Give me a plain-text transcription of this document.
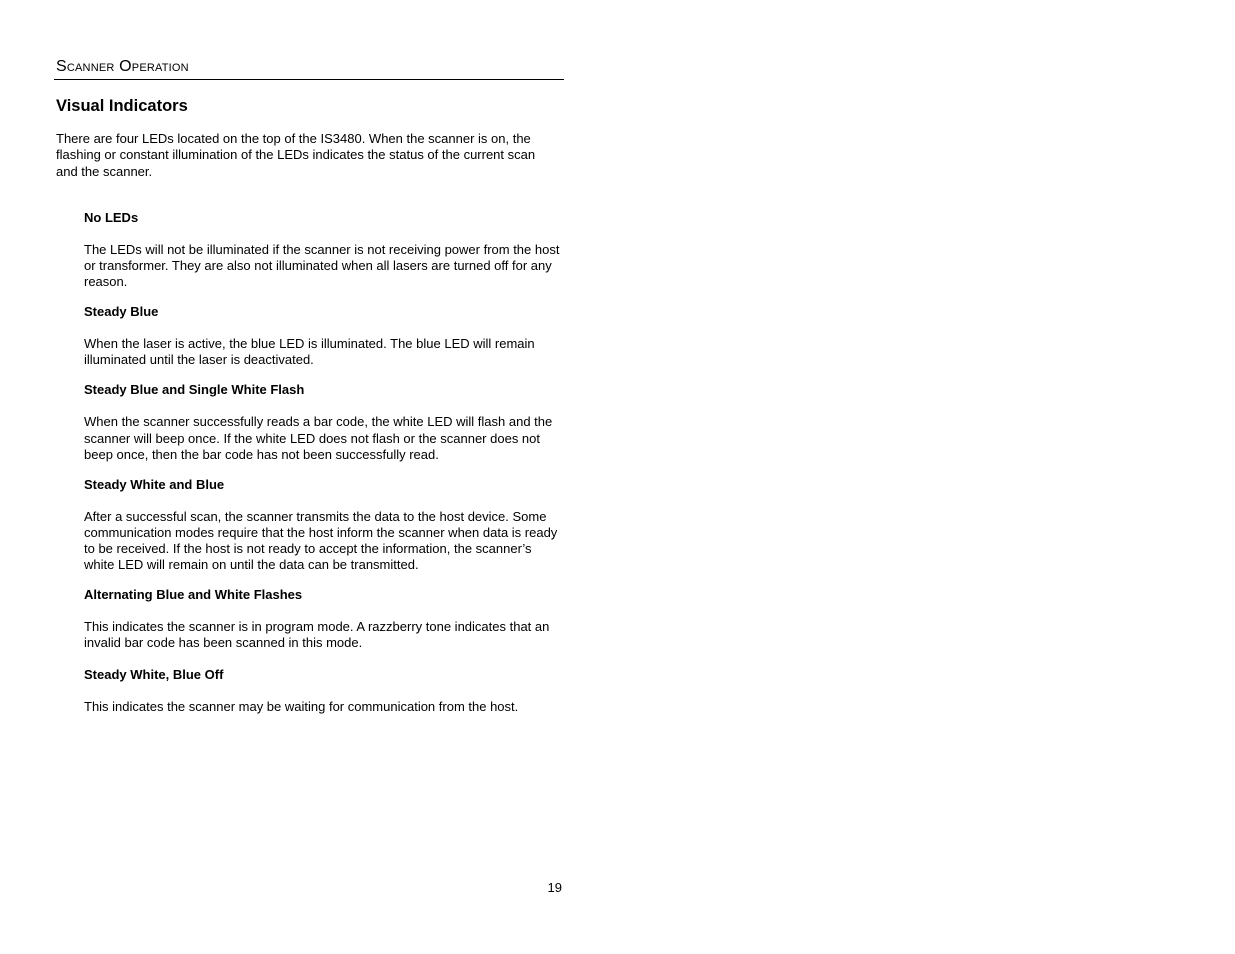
Scanner Operation
Visual Indicators

There are four LEDs located on the top of the IS3480. When the scanner is on, the flashing or constant illumination of the LEDs indicates the status of the current scan and the scanner.

No LEDs

The LEDs will not be illuminated if the scanner is not receiving power from the host or transformer. They are also not illuminated when all lasers are turned off for any reason.

Steady Blue

When the laser is active, the blue LED is illuminated. The blue LED will remain illuminated until the laser is deactivated.

Steady Blue and Single White Flash

When the scanner successfully reads a bar code, the white LED will flash and the scanner will beep once. If the white LED does not flash or the scanner does not beep once, then the bar code has not been successfully read.

Steady White and Blue

After a successful scan, the scanner transmits the data to the host device. Some communication modes require that the host inform the scanner when data is ready to be received. If the host is not ready to accept the information, the scanner’s white LED will remain on until the data can be transmitted.

Alternating Blue and White Flashes

This indicates the scanner is in program mode. A razzberry tone indicates that an invalid bar code has been scanned in this mode.

Steady White, Blue Off

This indicates the scanner may be waiting for communication from the host.

19
